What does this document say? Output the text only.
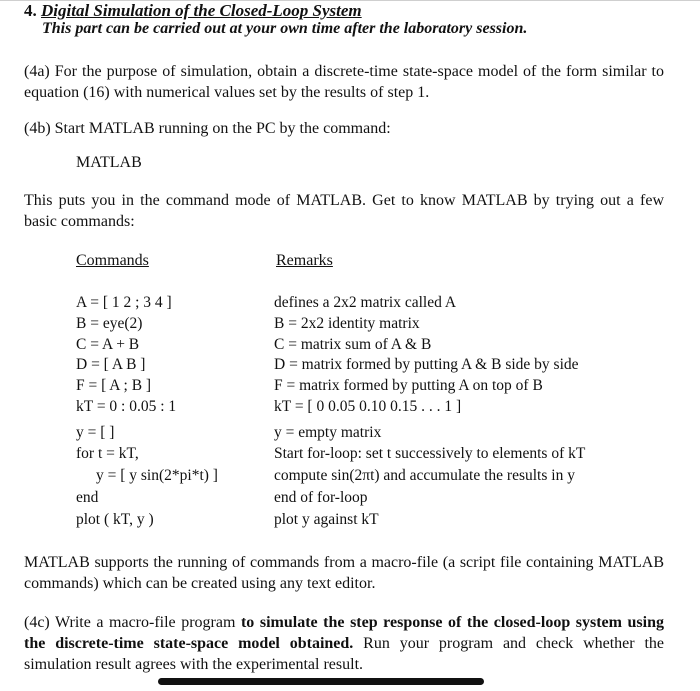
4. Digital Simulation of the Closed-Loop System
This part can be carried out at your own time after the laboratory session.
(4a) For the purpose of simulation, obtain a discrete-time state-space model of the form similar to equation (16) with numerical values set by the results of step 1.
(4b) Start MATLAB running on the PC by the command:
MATLAB
This puts you in the command mode of MATLAB. Get to know MATLAB by trying out a few basic commands:
Commands	Remarks
A = [ 1 2 ; 3 4 ]	defines a 2x2 matrix called A
B = eye(2)	B = 2x2 identity matrix
C = A + B	C = matrix sum of A & B
D = [ A B ]	D = matrix formed by putting A & B side by side
F = [ A ; B ]	F = matrix formed by putting A on top of B
kT = 0 : 0.05 : 1	kT = [ 0 0.05 0.10 0.15 . . . 1 ]
y = [ ]	y = empty matrix
for t = kT,	Start for-loop: set t successively to elements of kT
y = [ y sin(2*pi*t) ]	compute sin(2πt) and accumulate the results in y
end	end of for-loop
plot ( kT, y )	plot y against kT
MATLAB supports the running of commands from a macro-file (a script file containing MATLAB commands) which can be created using any text editor.
(4c) Write a macro-file program to simulate the step response of the closed-loop system using the discrete-time state-space model obtained. Run your program and check whether the simulation result agrees with the experimental result.
